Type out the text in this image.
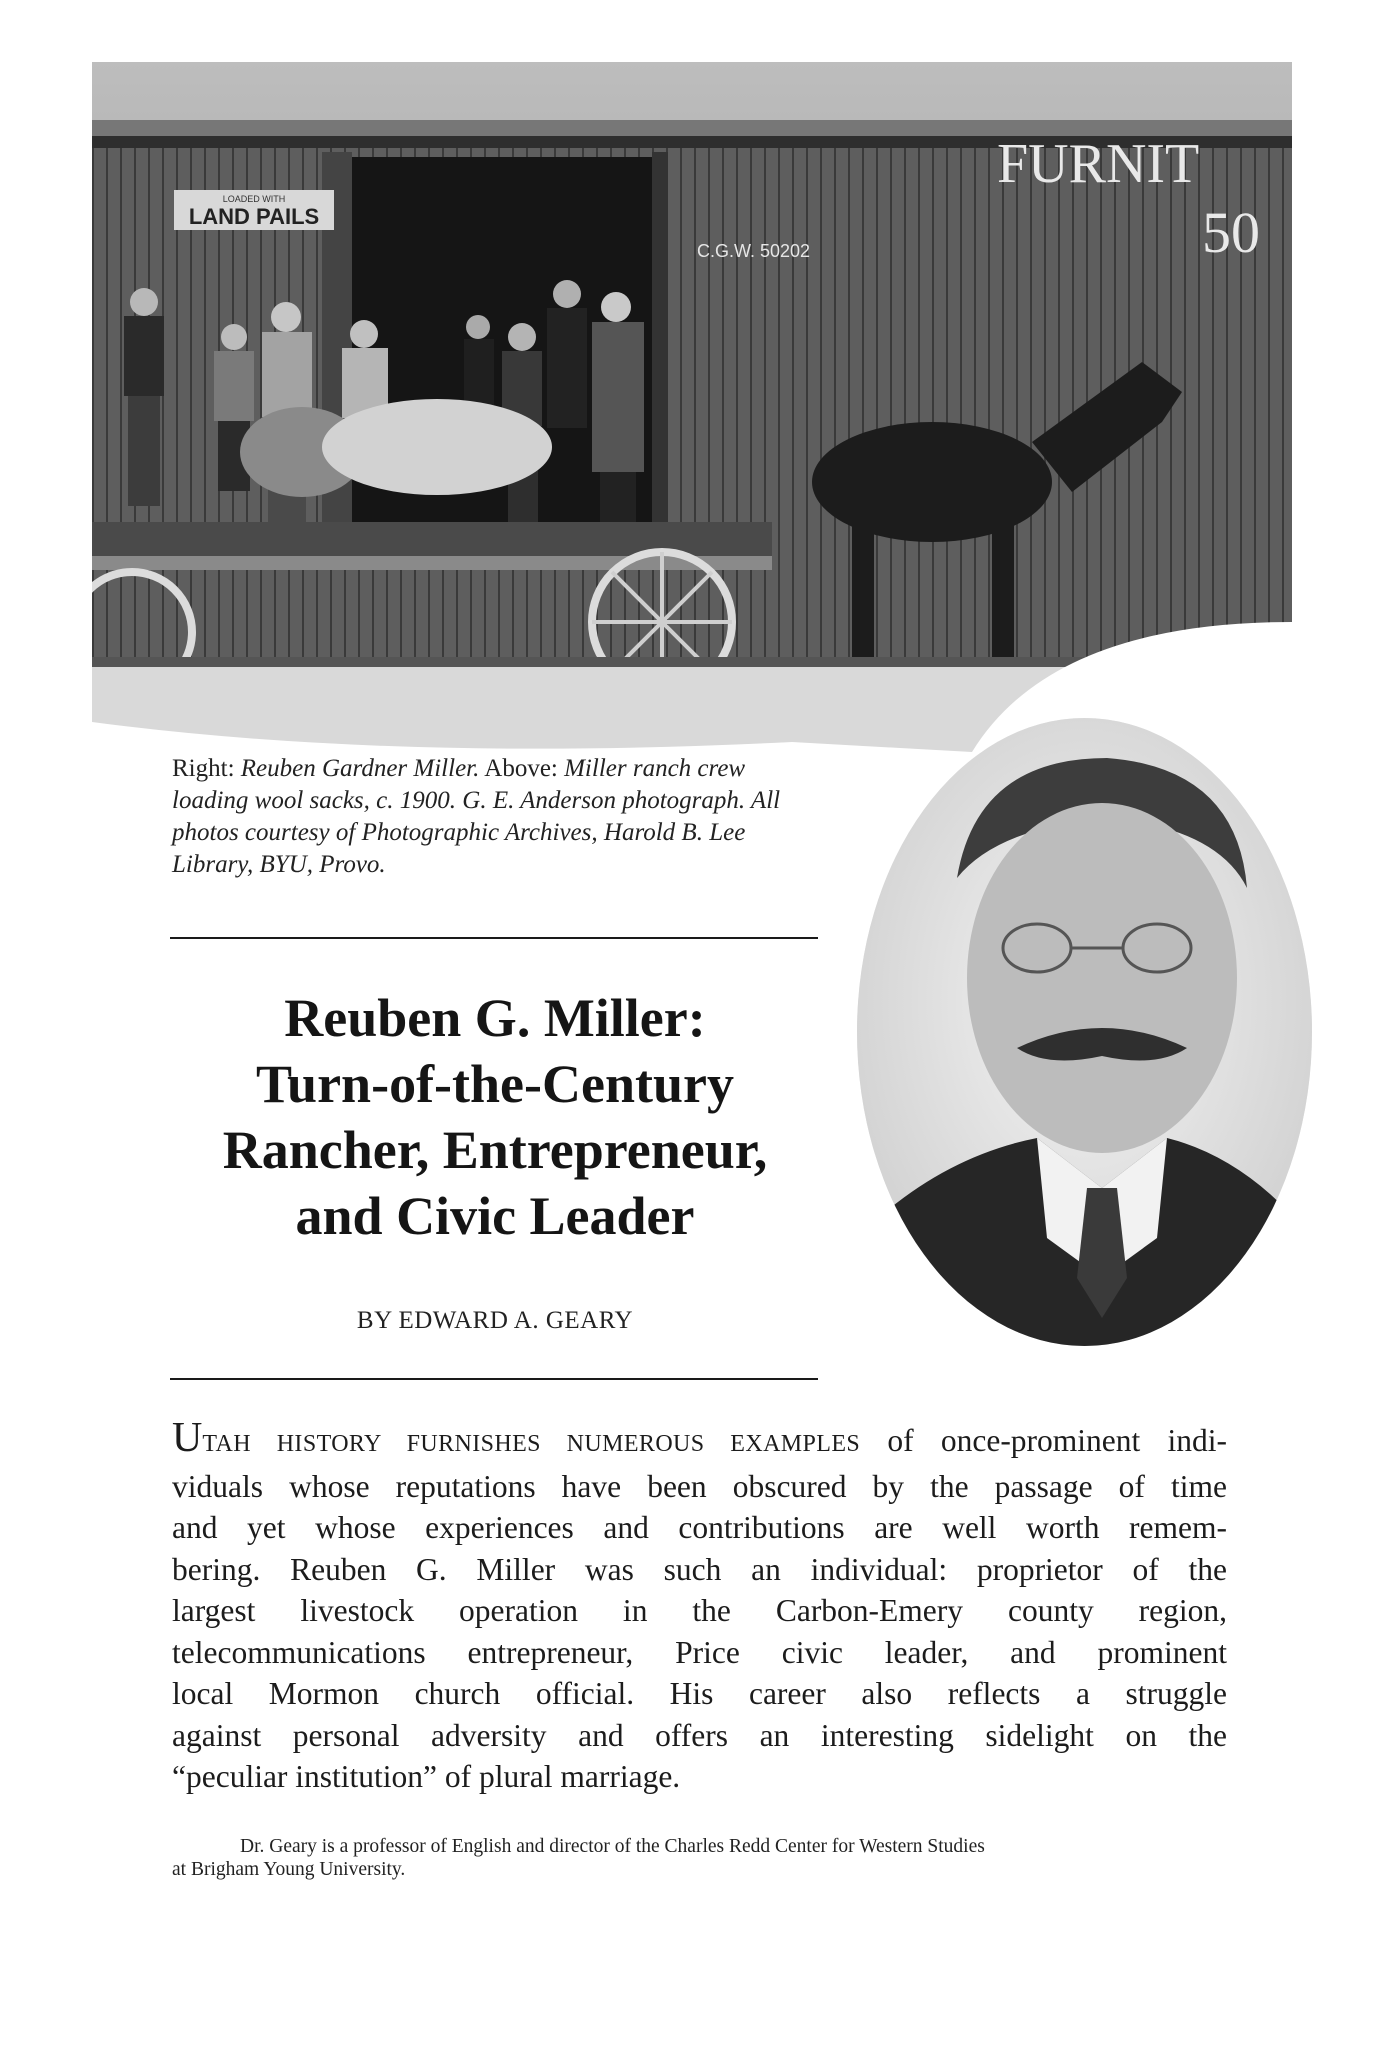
LOADED WITH
LAND PAILS
C.G.W. 50202
FURNIT
50
Right: Reuben Gardner Miller. Above: Miller ranch crew loading wool sacks, c. 1900. G. E. Anderson photograph. All photos courtesy of Photographic Archives, Harold B. Lee Library, BYU, Provo.
Reuben G. Miller:
Turn-of-the-Century
Rancher, Entrepreneur,
and Civic Leader
BY EDWARD A. GEARY
UTAH HISTORY FURNISHES NUMEROUS EXAMPLES of once-prominent indi-
viduals whose reputations have been obscured by the passage of time
and yet whose experiences and contributions are well worth remem-
bering. Reuben G. Miller was such an individual: proprietor of the
largest livestock operation in the Carbon-Emery county region,
telecommunications entrepreneur, Price civic leader, and prominent
local Mormon church official. His career also reflects a struggle
against personal adversity and offers an interesting sidelight on the
“peculiar institution” of plural marriage.
Dr. Geary is a professor of English and director of the Charles Redd Center for Western Studies
at Brigham Young University.
